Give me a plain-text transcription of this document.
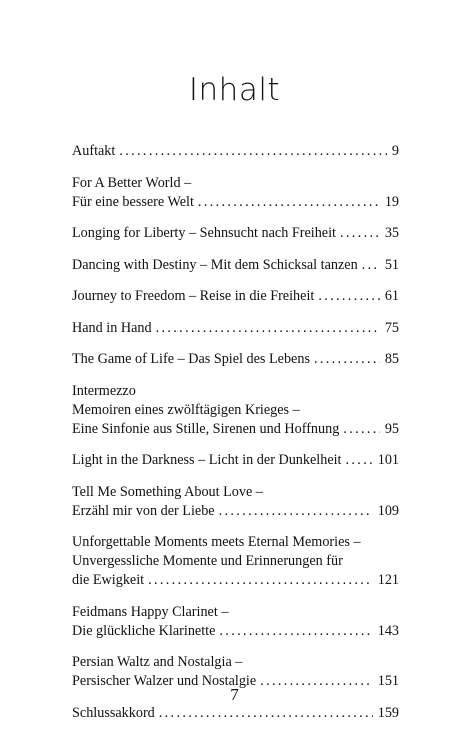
Inhalt
Auftakt . . .	9
For A Better World –
Für eine bessere Welt . . .	19
Longing for Liberty – Sehnsucht nach Freiheit . . .	35
Dancing with Destiny – Mit dem Schicksal tanzen . . . 51
Journey to Freedom – Reise in die Freiheit . . .	61
Hand in Hand . . .	75
The Game of Life – Das Spiel des Lebens . . .	85
Intermezzo
Memoiren eines zwölftägigen Krieges –
Eine Sinfonie aus Stille, Sirenen und Hoffnung . . .	95
Light in the Darkness – Licht in der Dunkelheit . . .	101
Tell Me Something About Love –
Erzähl mir von der Liebe . . .	109
Unforgettable Moments meets Eternal Memories –
Unvergessliche Momente und Erinnerungen für
die Ewigkeit . . .	121
Feidmans Happy Clarinet –
Die glückliche Klarinette . . .	143
Persian Waltz and Nostalgia –
Persischer Walzer und Nostalgie . . .	151
Schlussakkord . . .	159
7
